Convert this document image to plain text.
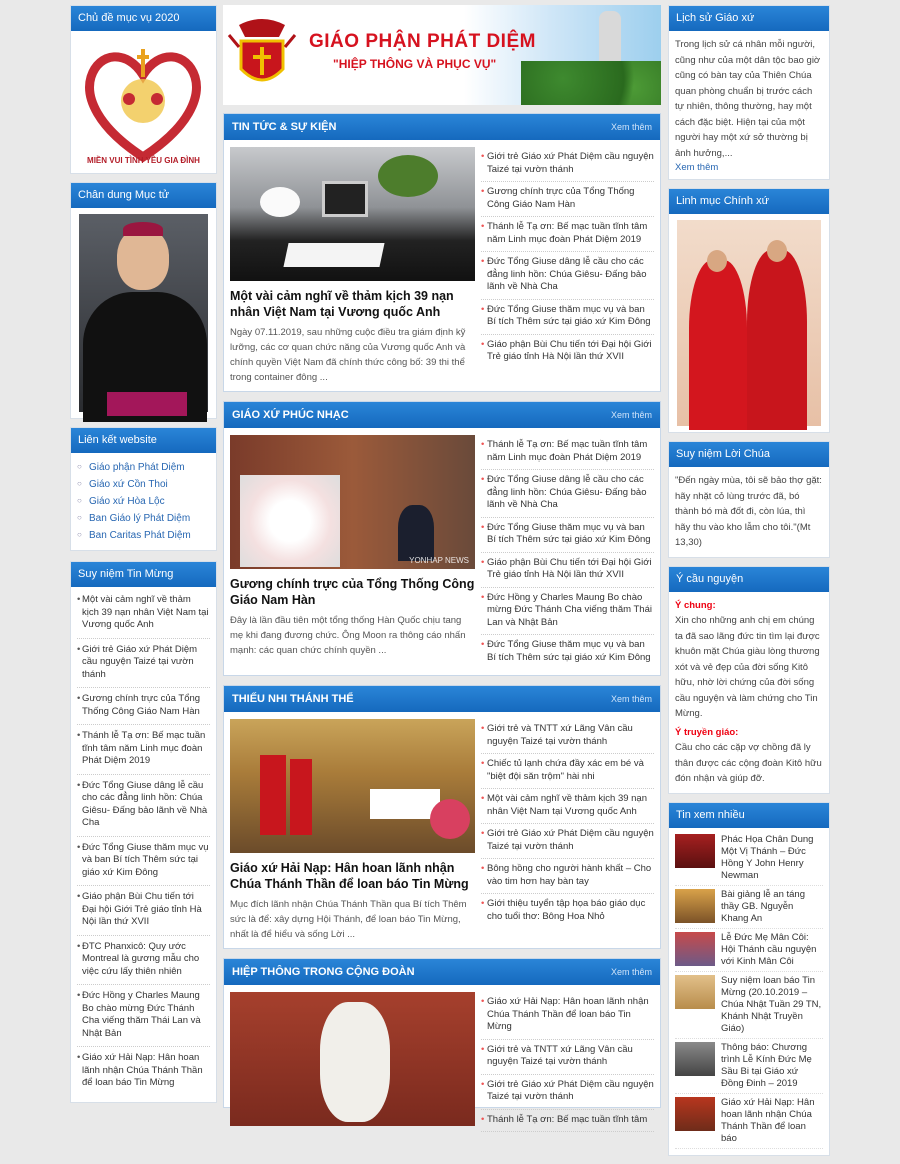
Chủ đề mục vụ 2020
MIỀN VUI TÌNH YÊU GIA ĐÌNH
Chân dung Mục tử
Liên kết website
○ Giáo phận Phát Diệm
○ Giáo xứ Cồn Thoi
○ Giáo xứ Hòa Lộc
○ Ban Giáo lý Phát Diệm
○ Ban Caritas Phát Diệm
Suy niệm Tin Mừng
• Một vài cảm nghĩ về thảm kịch 39 nạn nhân Việt Nam tại Vương quốc Anh
• Giới trẻ Giáo xứ Phát Diệm cầu nguyện Taizé tại vườn thánh
• Gương chính trực của Tổng Thống Công Giáo Nam Hàn
• Thánh lễ Tạ ơn: Bế mạc tuần tĩnh tâm năm Linh mục đoàn Phát Diệm 2019
• Đức Tổng Giuse dâng lễ cầu cho các đẳng linh hồn: Chúa Giêsu- Đấng bảo lãnh về Nhà Cha
• Đức Tổng Giuse thăm mục vụ và ban Bí tích Thêm sức tại giáo xứ Kim Đông
• Giáo phận Bùi Chu tiến tới Đại hội Giới Trẻ giáo tỉnh Hà Nội lần thứ XVII
• ĐTC Phanxicô: Quy ước Montreal là gương mẫu cho việc cứu lấy thiên nhiên
• Đức Hồng y Charles Maung Bo chào mừng Đức Thánh Cha viếng thăm Thái Lan và Nhật Bản
• Giáo xứ Hải Nạp: Hân hoan lãnh nhận Chúa Thánh Thần để loan báo Tin Mừng
GIÁO PHẬN PHÁT DIỆM
"HIỆP THÔNG VÀ PHỤC VỤ"
TIN TỨC & SỰ KIỆN	Xem thêm
Một vài cảm nghĩ về thảm kịch 39 nạn nhân Việt Nam tại Vương quốc Anh

Ngày 07.11.2019, sau những cuộc điều tra giám định kỹ lưỡng, các cơ quan chức năng của Vương quốc Anh và chính quyền Việt Nam đã chính thức công bố: 39 thi thể trong container đông ...

• Giới trẻ Giáo xứ Phát Diệm cầu nguyện Taizé tại vườn thánh
• Gương chính trực của Tổng Thống Công Giáo Nam Hàn
• Thánh lễ Tạ ơn: Bế mạc tuần tĩnh tâm năm Linh mục đoàn Phát Diệm 2019
• Đức Tổng Giuse dâng lễ cầu cho các đẳng linh hồn: Chúa Giêsu- Đấng bảo lãnh về Nhà Cha
• Đức Tổng Giuse thăm mục vụ và ban Bí tích Thêm sức tại giáo xứ Kim Đông
• Giáo phận Bùi Chu tiến tới Đại hội Giới Trẻ giáo tỉnh Hà Nội lần thứ XVII
GIÁO XỨ PHÚC NHẠC	Xem thêm
YONHAP NEWS
Gương chính trực của Tổng Thống Công Giáo Nam Hàn

Đây là lần đầu tiên một tổng thống Hàn Quốc chịu tang mẹ khi đang đương chức. Ông Moon ra thông cáo nhấn mạnh: các quan chức chính quyền ...

• Thánh lễ Tạ ơn: Bế mạc tuần tĩnh tâm năm Linh mục đoàn Phát Diệm 2019
• Đức Tổng Giuse dâng lễ cầu cho các đẳng linh hồn: Chúa Giêsu- Đấng bảo lãnh về Nhà Cha
• Đức Tổng Giuse thăm mục vụ và ban Bí tích Thêm sức tại giáo xứ Kim Đông
• Giáo phận Bùi Chu tiến tới Đại hội Giới Trẻ giáo tỉnh Hà Nội lần thứ XVII
• Đức Hồng y Charles Maung Bo chào mừng Đức Thánh Cha viếng thăm Thái Lan và Nhật Bản
• Đức Tổng Giuse thăm mục vụ và ban Bí tích Thêm sức tại giáo xứ Kim Đông
THIẾU NHI THÁNH THỂ	Xem thêm
Giáo xứ Hải Nạp: Hân hoan lãnh nhận Chúa Thánh Thần để loan báo Tin Mừng

Mục đích lãnh nhận Chúa Thánh Thần qua Bí tích Thêm sức là để: xây dựng Hội Thánh, để loan báo Tin Mừng, nhất là để hiểu và sống Lời ...

• Giới trẻ và TNTT xứ Lãng Vân cầu nguyện Taizé tại vườn thánh
• Chiếc tủ lạnh chứa đầy xác em bé và "biệt đội săn trộm" hài nhi
• Một vài cảm nghĩ về thảm kịch 39 nạn nhân Việt Nam tại Vương quốc Anh
• Giới trẻ Giáo xứ Phát Diệm cầu nguyện Taizé tại vườn thánh
• Bông hồng cho người hành khất – Cho vào tim hơn hay bàn tay
• Giới thiệu tuyển tập họa báo giáo dục cho tuổi thơ: Bông Hoa Nhỏ
HIỆP THÔNG TRONG CỘNG ĐOÀN	Xem thêm
• Giáo xứ Hải Nạp: Hân hoan lãnh nhận Chúa Thánh Thần để loan báo Tin Mừng
• Giới trẻ và TNTT xứ Lãng Vân cầu nguyện Taizé tại vườn thánh
• Giới trẻ Giáo xứ Phát Diệm cầu nguyện Taizé tại vườn thánh
• Thánh lễ Tạ ơn: Bế mạc tuần tĩnh tâm
Lịch sử Giáo xứ

Trong lịch sử cá nhân mỗi người, cũng như của một dân tộc bao giờ cũng có bàn tay của Thiên Chúa quan phòng chuẩn bị trước cách tự nhiên, thông thường, hay một cách đặc biệt. Hiện tại của một người hay một xứ sở thường bị ảnh hưởng,...

Xem thêm
Linh mục Chính xứ
Suy niệm Lời Chúa

"Đến ngày mùa, tôi sẽ bảo thợ gặt: hãy nhặt cỏ lùng trước đã, bó thành bó mà đốt đi, còn lúa, thì hãy thu vào kho lẫm cho tôi."(Mt 13,30)

Ý cầu nguyện

Ý chung:

Xin cho những anh chị em chúng ta đã sao lãng đức tin tìm lại được khuôn mặt Chúa giàu lòng thương xót và vẻ đẹp của đời sống Kitô hữu, nhờ lời chứng của đời sống cầu nguyện và làm chứng cho Tin Mừng.

Ý truyền giáo:

Cầu cho các cặp vợ chồng đã ly thân được các cộng đoàn Kitô hữu đón nhận và giúp đỡ.

Tin xem nhiều
Phác Họa Chân Dung Một Vị Thánh – Đức Hồng Y John Henry Newman
Bài giảng lễ an táng thầy GB. Nguyễn Khang An
Lễ Đức Mẹ Mân Côi: Hội Thánh cầu nguyện với Kinh Mân Côi
Suy niệm loan báo Tin Mừng (20.10.2019 – Chúa Nhật Tuần 29 TN, Khánh Nhật Truyền Giáo)
Thông báo: Chương trình Lễ Kính Đức Mẹ Sầu Bi tại Giáo xứ Đồng Đinh – 2019
Giáo xứ Hải Nạp: Hân hoan lãnh nhận Chúa Thánh Thần để loan báo
